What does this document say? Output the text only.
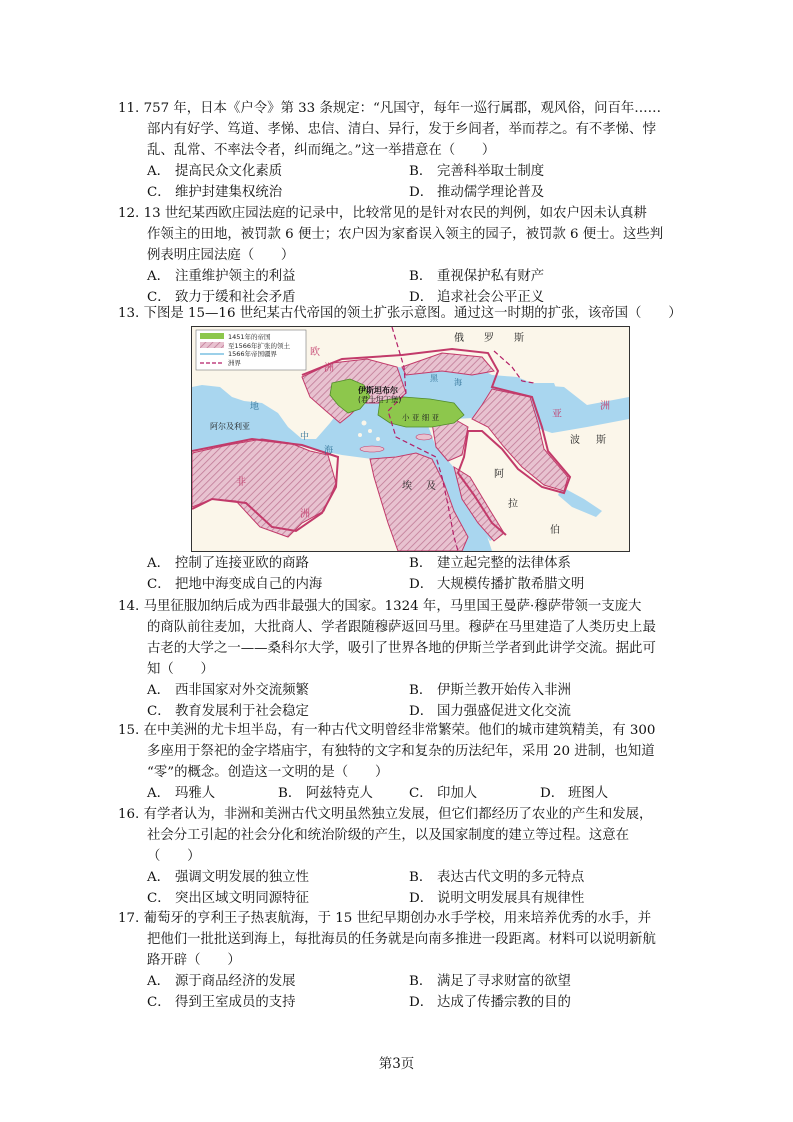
11. 757 年，日本《户令》第 33 条规定：“凡国守，每年一巡行属郡，观风俗，问百年……

部内有好学、笃道、孝悌、忠信、清白、异行，发于乡闾者，举而荐之。有不孝悌、悖

乱、乱常、不率法令者，纠而绳之。”这一举措意在（　　）

A． 提高民众文化素质	B． 完善科举取士制度
C． 维护封建集权统治	D． 推动儒学理论普及

12. 13 世纪某西欧庄园法庭的记录中，比较常见的是针对农民的判例，如农户因未认真耕

作领主的田地，被罚款 6 便士；农户因为家畜误入领主的园子，被罚款 6 便士。这些判

例表明庄园法庭（　　）

A． 注重维护领主的利益	B． 重视保护私有财产
C． 致力于缓和社会矛盾	D． 追求社会公平正义

13. 下图是 15—16 世纪某古代帝国的领土扩张示意图。通过这一时期的扩张，该帝国（　　）

1451年的帝国
至1566年扩张的领土
1566年帝国疆界
洲界
俄 罗 斯
欧
洲
黑 海
伊斯坦布尔
(君士坦丁堡)
小 亚 细 亚
阿尔及利亚
地
中
海
亚
洲
波 斯
非
洲
埃 及
阿
拉
伯
A． 控制了连接亚欧的商路	B． 建立起完整的法律体系
C． 把地中海变成自己的内海	D． 大规模传播扩散希腊文明

14. 马里征服加纳后成为西非最强大的国家。1324 年，马里国王曼萨·穆萨带领一支庞大

的商队前往麦加，大批商人、学者跟随穆萨返回马里。穆萨在马里建造了人类历史上最

古老的大学之一——桑科尔大学，吸引了世界各地的伊斯兰学者到此讲学交流。据此可

知（　　）

A． 西非国家对外交流频繁	B． 伊斯兰教开始传入非洲
C． 教育发展利于社会稳定	D． 国力强盛促进文化交流

15. 在中美洲的尤卡坦半岛，有一种古代文明曾经非常繁荣。他们的城市建筑精美，有 300

多座用于祭祀的金字塔庙宇，有独特的文字和复杂的历法纪年，采用 20 进制，也知道

“零”的概念。创造这一文明的是（　　）

A． 玛雅人	B． 阿兹特克人	C． 印加人	D． 班图人

16. 有学者认为，非洲和美洲古代文明虽然独立发展，但它们都经历了农业的产生和发展，

社会分工引起的社会分化和统治阶级的产生，以及国家制度的建立等过程。这意在

（　　）

A． 强调文明发展的独立性	B． 表达古代文明的多元特点
C． 突出区域文明同源特征	D． 说明文明发展具有规律性

17. 葡萄牙的亨利王子热衷航海，于 15 世纪早期创办水手学校，用来培养优秀的水手，并

把他们一批批送到海上，每批海员的任务就是向南多推进一段距离。材料可以说明新航

路开辟（　　）

A． 源于商品经济的发展	B． 满足了寻求财富的欲望
C． 得到王室成员的支持	D． 达成了传播宗教的目的
第3页
